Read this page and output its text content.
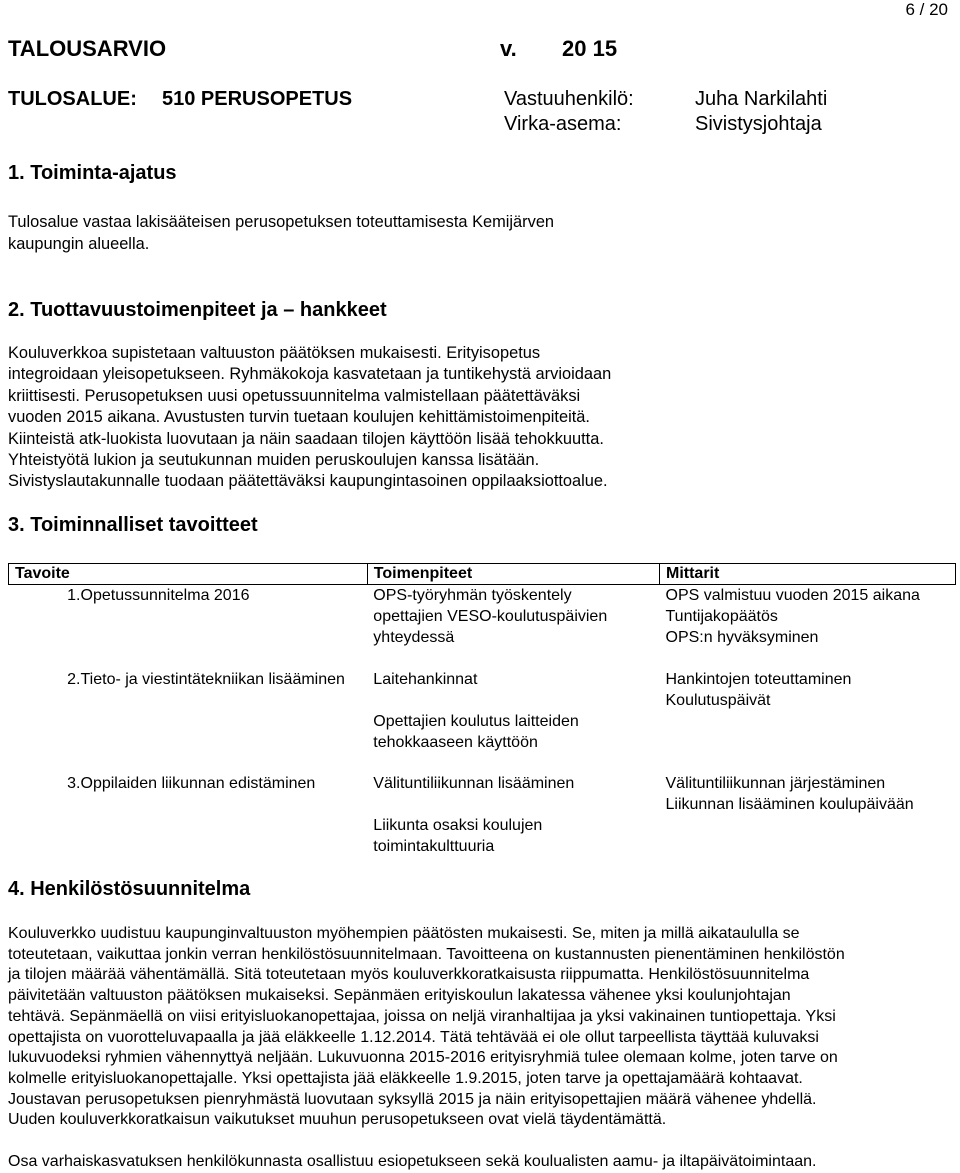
6 / 20
TALOUSARVIO	v. 20 15
TULOSALUE: 510 PERUSOPETUS	Vastuuhenkilö:	Juha Narkilahti
Virka-asema:	Sivistysjohtaja
1. Toiminta-ajatus

Tulosalue vastaa lakisääteisen perusopetuksen toteuttamisesta Kemijärven

kaupungin alueella.

2. Tuottavuustoimenpiteet ja – hankkeet

Kouluverkkoa supistetaan valtuuston päätöksen mukaisesti. Erityisopetus

integroidaan yleisopetukseen. Ryhmäkokoja kasvatetaan ja tuntikehystä arvioidaan

kriittisesti. Perusopetuksen uusi opetussuunnitelma valmistellaan päätettäväksi

vuoden 2015 aikana. Avustusten turvin tuetaan koulujen kehittämistoimenpiteitä.

Kiinteistä atk-luokista luovutaan ja näin saadaan tilojen käyttöön lisää tehokkuutta.

Yhteistyötä lukion ja seutukunnan muiden peruskoulujen kanssa lisätään.

Sivistyslautakunnalle tuodaan päätettäväksi kaupungintasoinen oppilaaksiottoalue.

3. Toiminnalliset tavoitteet
Tavoite	Toimenpiteet	Mittarit
1.Opetussunnitelma 2016	OPS-työryhmän työskentely
opettajien VESO-koulutuspäivien
yhteydessä	OPS valmistuu vuoden 2015 aikana
Tuntijakopäätös
OPS:n hyväksyminen

2.Tieto- ja viestintätekniikan lisääminen	Laitehankinnat
Opettajien koulutus laitteiden
tehokkaaseen käyttöön	Hankintojen toteuttaminen
Koulutuspäivät

3.Oppilaiden liikunnan edistäminen	Välituntiliikunnan lisääminen
Liikunta osaksi koulujen
toimintakulttuuria	Välituntiliikunnan järjestäminen
Liikunnan lisääminen koulupäivään
4. Henkilöstösuunnitelma

Kouluverkko uudistuu kaupunginvaltuuston myöhempien päätösten mukaisesti. Se, miten ja millä aikataululla se

toteutetaan, vaikuttaa jonkin verran henkilöstösuunnitelmaan. Tavoitteena on kustannusten pienentäminen henkilöstön

ja tilojen määrää vähentämällä. Sitä toteutetaan myös kouluverkkoratkaisusta riippumatta. Henkilöstösuunnitelma

päivitetään valtuuston päätöksen mukaiseksi. Sepänmäen erityiskoulun lakatessa vähenee yksi koulunjohtajan

tehtävä. Sepänmäellä on viisi erityisluokanopettajaa, joissa on neljä viranhaltijaa ja yksi vakinainen tuntiopettaja. Yksi

opettajista on vuorotteluvapaalla ja jää eläkkeelle 1.12.2014. Tätä tehtävää ei ole ollut tarpeellista täyttää kuluvaksi

lukuvuodeksi ryhmien vähennyttyä neljään. Lukuvuonna 2015-2016 erityisryhmiä tulee olemaan kolme, joten tarve on

kolmelle erityisluokanopettajalle. Yksi opettajista jää eläkkeelle 1.9.2015, joten tarve ja opettajamäärä kohtaavat.

Joustavan perusopetuksen pienryhmästä luovutaan syksyllä 2015 ja näin erityisopettajien määrä vähenee yhdellä.

Uuden kouluverkkoratkaisun vaikutukset muuhun perusopetukseen ovat vielä täydentämättä.

Osa varhaiskasvatuksen henkilökunnasta osallistuu esiopetukseen sekä koulualisten aamu- ja iltapäivätoimintaan.
